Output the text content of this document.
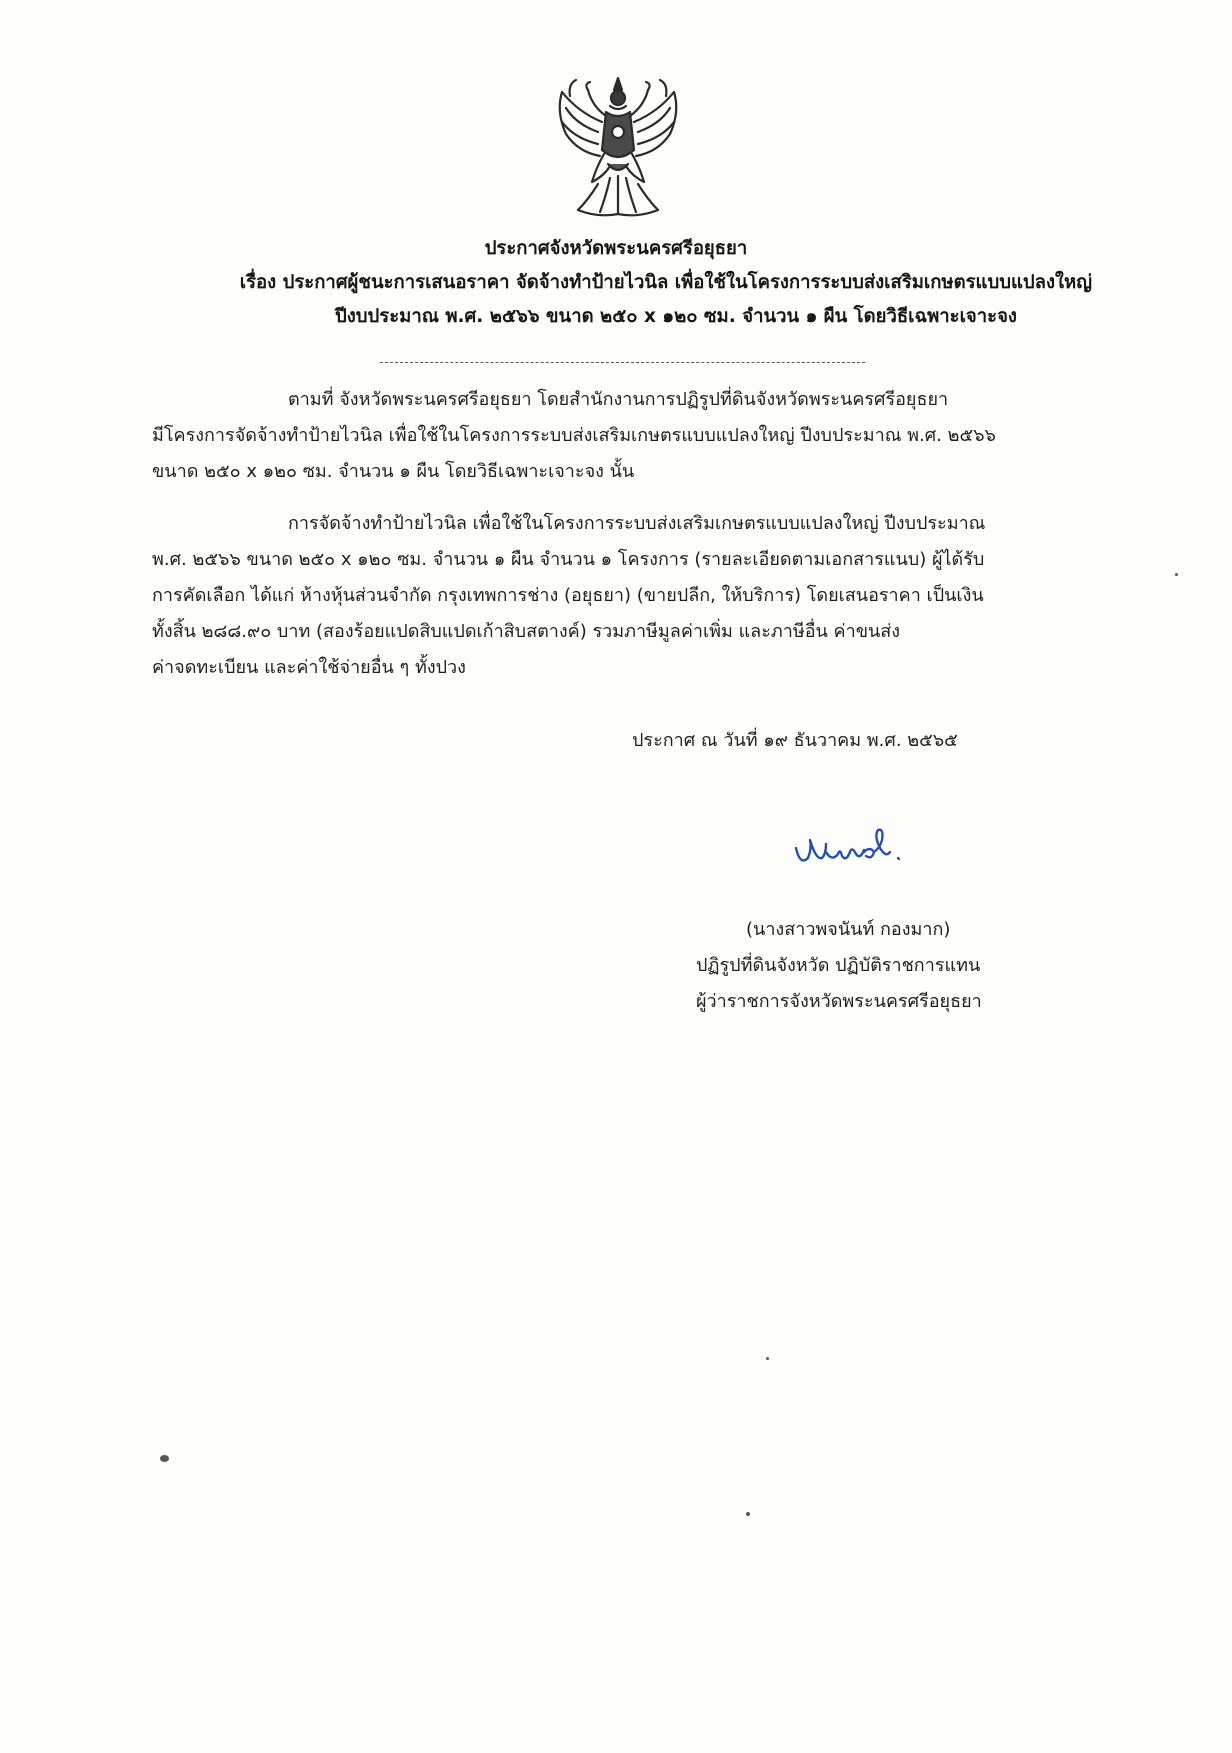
ประกาศจังหวัดพระนครศรีอยุธยา
เรื่อง ประกาศผู้ชนะการเสนอราคา จัดจ้างทำป้ายไวนิล เพื่อใช้ในโครงการระบบส่งเสริมเกษตรแบบแปลงใหญ่
ปีงบประมาณ พ.ศ. ๒๕๖๖ ขนาด ๒๕๐ x ๑๒๐ ซม. จำนวน ๑ ผืน โดยวิธีเฉพาะเจาะจง
ตามที่ จังหวัดพระนครศรีอยุธยา โดยสำนักงานการปฏิรูปที่ดินจังหวัดพระนครศรีอยุธยา
มีโครงการจัดจ้างทำป้ายไวนิล เพื่อใช้ในโครงการระบบส่งเสริมเกษตรแบบแปลงใหญ่ ปีงบประมาณ พ.ศ. ๒๕๖๖
ขนาด ๒๕๐ x ๑๒๐ ซม. จำนวน ๑ ผืน โดยวิธีเฉพาะเจาะจง นั้น
การจัดจ้างทำป้ายไวนิล เพื่อใช้ในโครงการระบบส่งเสริมเกษตรแบบแปลงใหญ่ ปีงบประมาณ
พ.ศ. ๒๕๖๖ ขนาด ๒๕๐ x ๑๒๐ ซม. จำนวน ๑ ผืน จำนวน ๑ โครงการ (รายละเอียดตามเอกสารแนบ) ผู้ได้รับ
การคัดเลือก ได้แก่ ห้างหุ้นส่วนจำกัด กรุงเทพการช่าง (อยุธยา) (ขายปลีก, ให้บริการ) โดยเสนอราคา เป็นเงิน
ทั้งสิ้น ๒๘๘.๙๐ บาท (สองร้อยแปดสิบแปดเก้าสิบสตางค์) รวมภาษีมูลค่าเพิ่ม และภาษีอื่น ค่าขนส่ง
ค่าจดทะเบียน และค่าใช้จ่ายอื่น ๆ ทั้งปวง
ประกาศ ณ วันที่ ๑๙ ธันวาคม พ.ศ. ๒๕๖๕
(นางสาวพจนันท์ กองมาก)
ปฏิรูปที่ดินจังหวัด ปฏิบัติราชการแทน
ผู้ว่าราชการจังหวัดพระนครศรีอยุธยา
